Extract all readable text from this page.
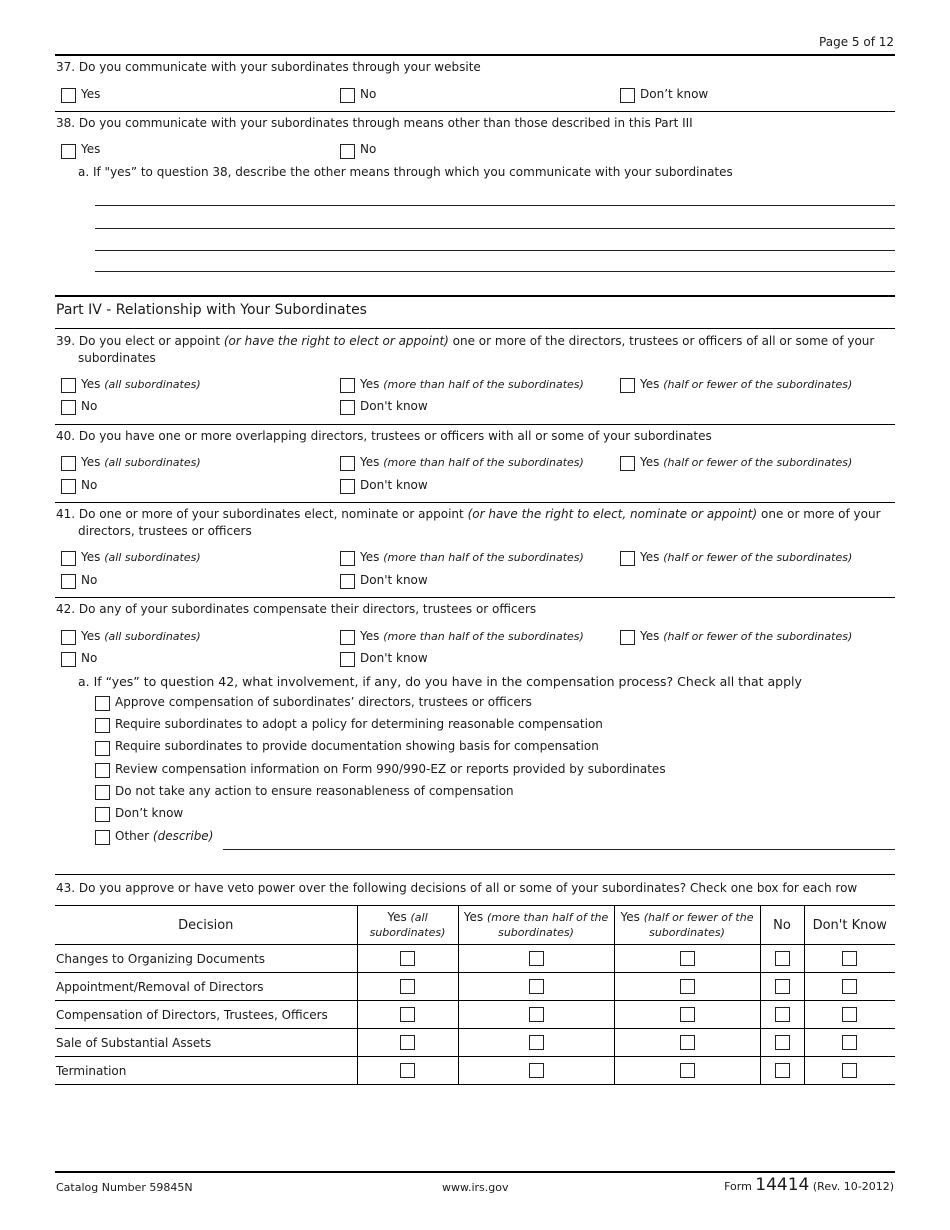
Page 5 of 12
37. Do you communicate with your subordinates through your website
Yes	No	Don’t know
38. Do you communicate with your subordinates through means other than those described in this Part III
Yes	No
a. If "yes” to question 38, describe the other means through which you communicate with your subordinates
Part IV - Relationship with Your Subordinates
39. Do you elect or appoint (or have the right to elect or appoint) one or more of the directors, trustees or officers of all or some of your
subordinates
Yes (all subordinates)	Yes (more than half of the subordinates)	Yes (half or fewer of the subordinates)
No	Don't know
40. Do you have one or more overlapping directors, trustees or officers with all or some of your subordinates
Yes (all subordinates)	Yes (more than half of the subordinates)	Yes (half or fewer of the subordinates)
No	Don't know
41. Do one or more of your subordinates elect, nominate or appoint (or have the right to elect, nominate or appoint) one or more of your
directors, trustees or officers
Yes (all subordinates)	Yes (more than half of the subordinates)	Yes (half or fewer of the subordinates)
No	Don't know
42. Do any of your subordinates compensate their directors, trustees or officers
Yes (all subordinates)	Yes (more than half of the subordinates)	Yes (half or fewer of the subordinates)
No	Don't know
a. If “yes” to question 42, what involvement, if any, do you have in the compensation process? Check all that apply
Approve compensation of subordinates’ directors, trustees or officers
Require subordinates to adopt a policy for determining reasonable compensation
Require subordinates to provide documentation showing basis for compensation
Review compensation information on Form 990/990-EZ or reports provided by subordinates
Do not take any action to ensure reasonableness of compensation
Don’t know
Other (describe)
43. Do you approve or have veto power over the following decisions of all or some of your subordinates? Check one box for each row
Decision	Yes (all subordinates)	Yes (more than half of the subordinates)	Yes (half or fewer of the subordinates)	No	Don't Know
Changes to Organizing Documents					
Appointment/Removal of Directors					
Compensation of Directors, Trustees, Officers					
Sale of Substantial Assets					
Termination					
Catalog Number 59845N	www.irs.gov	Form 14414 (Rev. 10-2012)
